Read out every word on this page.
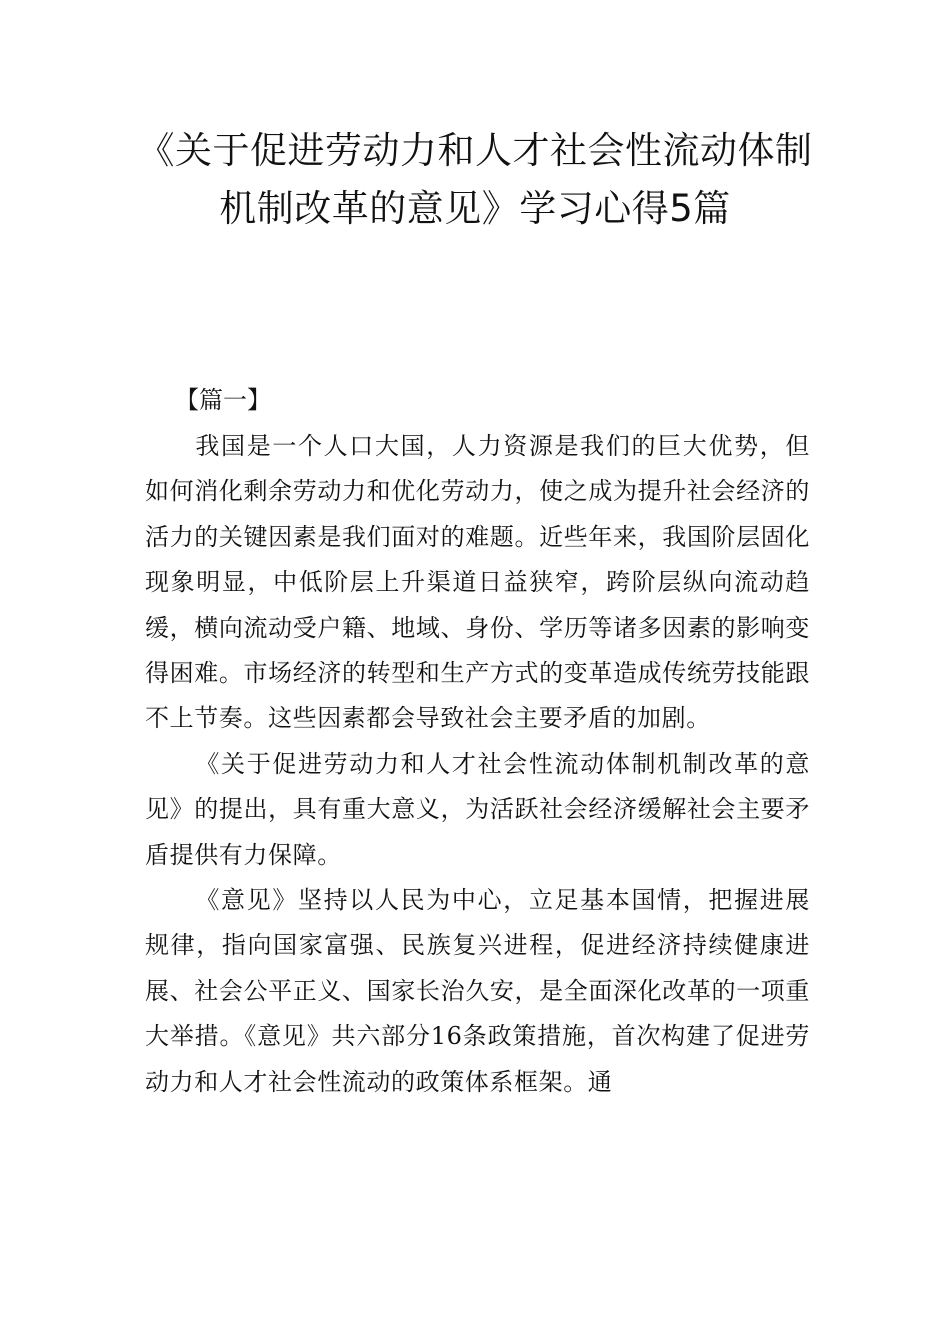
《关于促进劳动力和人才社会性流动体制机制改革的意见》学习心得5篇
【篇一】

我国是一个人口大国，人力资源是我们的巨大优势，但如何消化剩余劳动力和优化劳动力，使之成为提升社会经济的活力的关键因素是我们面对的难题。近些年来，我国阶层固化现象明显，中低阶层上升渠道日益狭窄，跨阶层纵向流动趋缓，横向流动受户籍、地域、身份、学历等诸多因素的影响变得困难。市场经济的转型和生产方式的变革造成传统劳技能跟不上节奏。这些因素都会导致社会主要矛盾的加剧。

《关于促进劳动力和人才社会性流动体制机制改革的意见》的提出，具有重大意义，为活跃社会经济缓解社会主要矛盾提供有力保障。

《意见》坚持以人民为中心，立足基本国情，把握进展规律，指向国家富强、民族复兴进程，促进经济持续健康进展、社会公平正义、国家长治久安，是全面深化改革的一项重大举措。《意见》共六部分16条政策措施，首次构建了促进劳动力和人才社会性流动的政策体系框架。通
